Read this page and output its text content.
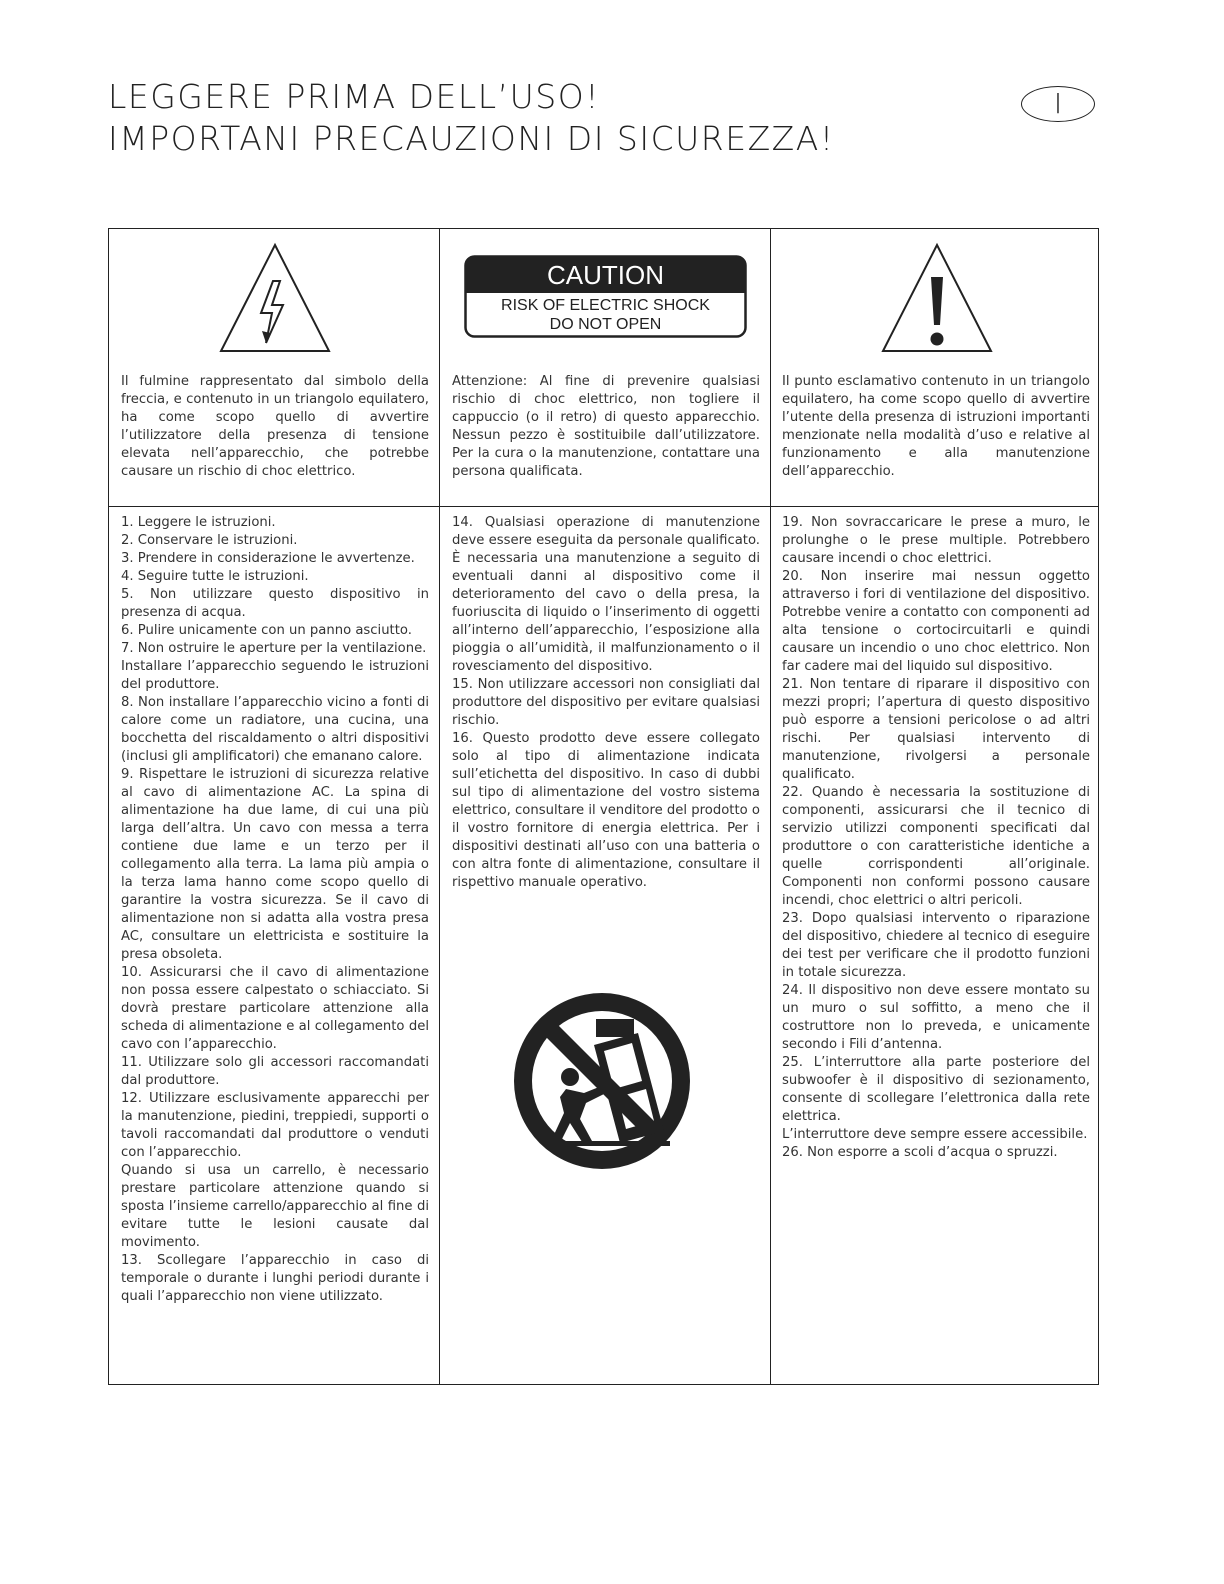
LEGGERE PRIMA DELL’USO!
IMPORTANI PRECAUZIONI DI SICUREZZA!
I
CAUTION
RISK OF ELECTRIC SHOCK
DO NOT OPEN

Il fulmine rappresentato dal simbolo della freccia, e contenuto in un triangolo equilatero, ha come scopo quello di avvertire l’utilizzatore della presenza di tensione elevata nell’apparecchio, che potrebbe causare un rischio di choc elettrico.

Attenzione: Al fine di prevenire qualsiasi rischio di choc elettrico, non togliere il cappuccio (o il retro) di questo apparecchio. Nessun pezzo è sostituibile dall’utilizzatore. Per la cura o la manutenzione, contattare una persona qualificata.

Il punto esclamativo contenuto in un triangolo equilatero, ha come scopo quello di avvertire l’utente della presenza di istruzioni importanti menzionate nella modalità d’uso e relative al funzionamento e alla manutenzione dell’apparecchio.

1. Leggere le istruzioni.

2. Conservare le istruzioni.

3. Prendere in considerazione le avvertenze.

4. Seguire tutte le istruzioni.

5. Non utilizzare questo dispositivo in presenza di acqua.

6. Pulire unicamente con un panno asciutto.

7. Non ostruire le aperture per la ventilazione.

Installare l’apparecchio seguendo le istruzioni del produttore.

8. Non installare l’apparecchio vicino a fonti di calore come un radiatore, una cucina, una bocchetta del riscaldamento o altri dispositivi (inclusi gli amplificatori) che emanano calore.

9. Rispettare le istruzioni di sicurezza relative al cavo di alimentazione AC. La spina di alimentazione ha due lame, di cui una più larga dell’altra. Un cavo con messa a terra contiene due lame e un terzo per il collegamento alla terra. La lama più ampia o la terza lama hanno come scopo quello di garantire la vostra sicurezza. Se il cavo di alimentazione non si adatta alla vostra presa AC, consultare un elettricista e sostituire la presa obsoleta.

10. Assicurarsi che il cavo di alimentazione non possa essere calpestato o schiacciato. Si dovrà prestare particolare attenzione alla scheda di alimentazione e al collegamento del cavo con l’apparecchio.

11. Utilizzare solo gli accessori raccomandati dal produttore.

12. Utilizzare esclusivamente apparecchi per la manutenzione, piedini, treppiedi, supporti o tavoli raccomandati dal produttore o venduti con l’apparecchio.

Quando si usa un carrello, è necessario prestare particolare attenzione quando si sposta l’insieme carrello/apparecchio al fine di evitare tutte le lesioni causate dal movimento.

13. Scollegare l’apparecchio in caso di temporale o durante i lunghi periodi durante i quali l’apparecchio non viene utilizzato.

14. Qualsiasi operazione di manutenzione deve essere eseguita da personale qualificato. È necessaria una manutenzione a seguito di eventuali danni al dispositivo come il deterioramento del cavo o della presa, la fuoriuscita di liquido o l’inserimento di oggetti all’interno dell’apparecchio, l’esposizione alla pioggia o all’umidità, il malfunzionamento o il rovesciamento del dispositivo.

15. Non utilizzare accessori non consigliati dal produttore del dispositivo per evitare qualsiasi rischio.

16. Questo prodotto deve essere collegato solo al tipo di alimentazione indicata sull’etichetta del dispositivo. In caso di dubbi sul tipo di alimentazione del vostro sistema elettrico, consultare il venditore del prodotto o il vostro fornitore di energia elettrica. Per i dispositivi destinati all’uso con una batteria o con altra fonte di alimentazione, consultare il rispettivo manuale operativo.

19. Non sovraccaricare le prese a muro, le prolunghe o le prese multiple. Potrebbero causare incendi o choc elettrici.

20. Non inserire mai nessun oggetto attraverso i fori di ventilazione del dispositivo. Potrebbe venire a contatto con componenti ad alta tensione o cortocircuitarli e quindi causare un incendio o uno choc elettrico. Non far cadere mai del liquido sul dispositivo.

21. Non tentare di riparare il dispositivo con mezzi propri; l’apertura di questo dispositivo può esporre a tensioni pericolose o ad altri rischi. Per qualsiasi intervento di manutenzione, rivolgersi a personale qualificato.

22. Quando è necessaria la sostituzione di componenti, assicurarsi che il tecnico di servizio utilizzi componenti specificati dal produttore o con caratteristiche identiche a quelle corrispondenti all’originale. Componenti non conformi possono causare incendi, choc elettrici o altri pericoli.

23. Dopo qualsiasi intervento o riparazione del dispositivo, chiedere al tecnico di eseguire dei test per verificare che il prodotto funzioni in totale sicurezza.

24. Il dispositivo non deve essere montato su un muro o sul soffitto, a meno che il costruttore non lo preveda, e unicamente secondo i Fili d’antenna.

25. L’interruttore alla parte posteriore del subwoofer è il dispositivo di sezionamento, consente di scollegare l’elettronica dalla rete elettrica.

L’interruttore deve sempre essere accessibile.

26. Non esporre a scoli d’acqua o spruzzi.
